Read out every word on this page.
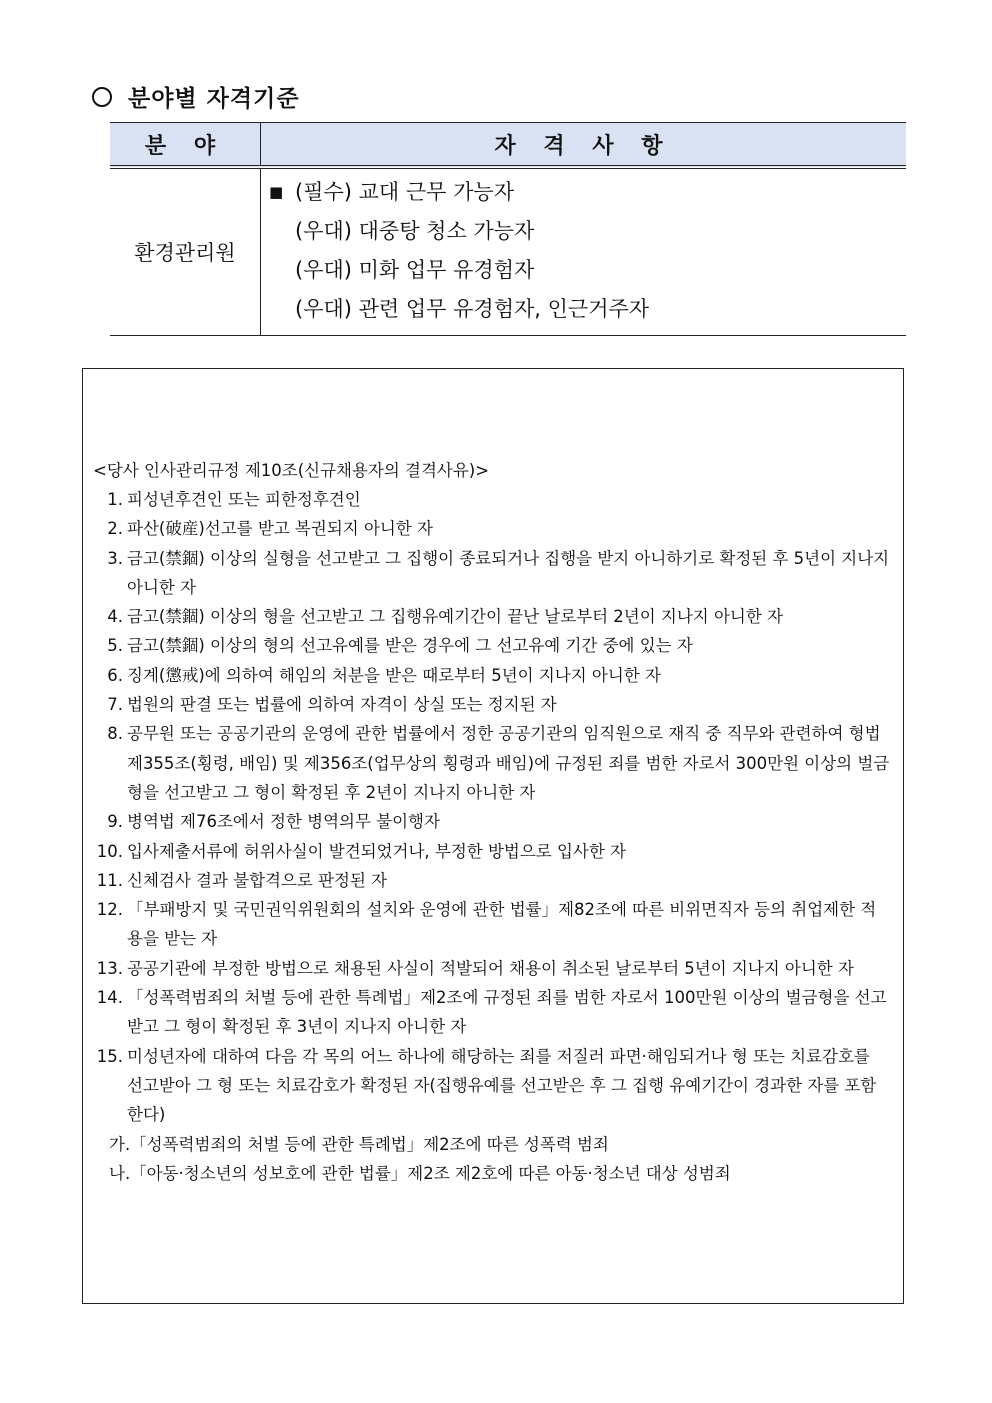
분야별 자격기준
분 야	자 격 사 항
환경관리원	■ (필수) 교대 근무 가능자
(우대) 대중탕 청소 가능자
(우대) 미화 업무 유경험자
(우대) 관련 업무 유경험자, 인근거주자
<당사 인사관리규정 제10조(신규채용자의 결격사유)>
1. 피성년후견인 또는 피한정후견인
2. 파산(破産)선고를 받고 복권되지 아니한 자
3. 금고(禁錮) 이상의 실형을 선고받고 그 집행이 종료되거나 집행을 받지 아니하기로 확정된 후 5년이 지나지 아니한 자
4. 금고(禁錮) 이상의 형을 선고받고 그 집행유예기간이 끝난 날로부터 2년이 지나지 아니한 자
5. 금고(禁錮) 이상의 형의 선고유예를 받은 경우에 그 선고유예 기간 중에 있는 자
6. 징계(懲戒)에 의하여 해임의 처분을 받은 때로부터 5년이 지나지 아니한 자
7. 법원의 판결 또는 법률에 의하여 자격이 상실 또는 정지된 자
8. 공무원 또는 공공기관의 운영에 관한 법률에서 정한 공공기관의 임직원으로 재직 중 직무와 관련하여 형법 제355조(횡령, 배임) 및 제356조(업무상의 횡령과 배임)에 규정된 죄를 범한 자로서 300만원 이상의 벌금형을 선고받고 그 형이 확정된 후 2년이 지나지 아니한 자
9. 병역법 제76조에서 정한 병역의무 불이행자
10. 입사제출서류에 허위사실이 발견되었거나, 부정한 방법으로 입사한 자
11. 신체검사 결과 불합격으로 판정된 자
12. 「부패방지 및 국민권익위원회의 설치와 운영에 관한 법률」제82조에 따른 비위면직자 등의 취업제한 적용을 받는 자
13. 공공기관에 부정한 방법으로 채용된 사실이 적발되어 채용이 취소된 날로부터 5년이 지나지 아니한 자
14. 「성폭력범죄의 처벌 등에 관한 특례법」제2조에 규정된 죄를 범한 자로서 100만원 이상의 벌금형을 선고받고 그 형이 확정된 후 3년이 지나지 아니한 자
15. 미성년자에 대하여 다음 각 목의 어느 하나에 해당하는 죄를 저질러 파면·해임되거나 형 또는 치료감호를 선고받아 그 형 또는 치료감호가 확정된 자(집행유예를 선고받은 후 그 집행 유예기간이 경과한 자를 포함한다)
가.「성폭력범죄의 처벌 등에 관한 특례법」제2조에 따른 성폭력 범죄
나.「아동·청소년의 성보호에 관한 법률」제2조 제2호에 따른 아동·청소년 대상 성범죄
